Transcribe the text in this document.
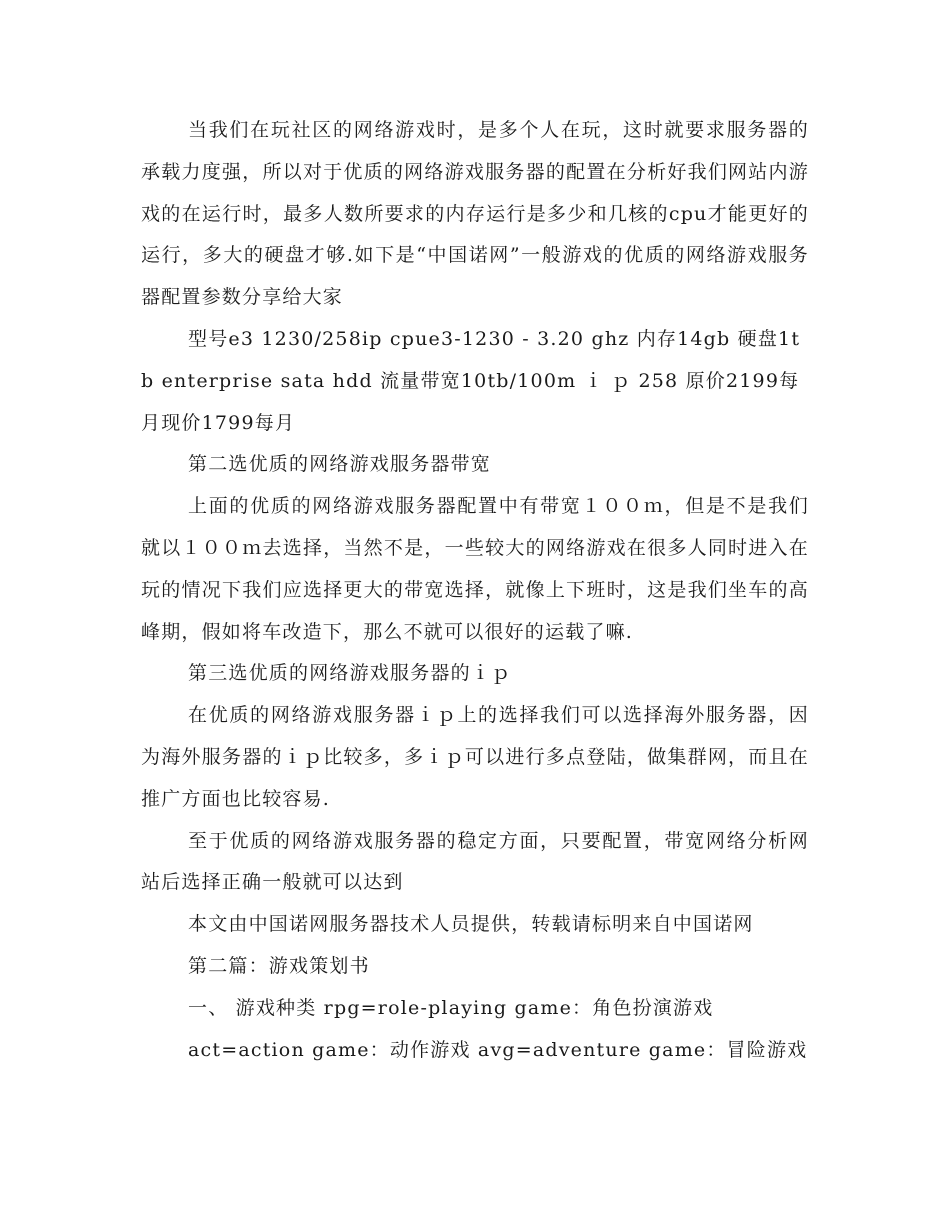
当我们在玩社区的网络游戏时，是多个人在玩，这时就要求服务器的承载力度强，所以对于优质的网络游戏服务器的配置在分析好我们网站内游戏的在运行时，最多人数所要求的内存运行是多少和几核的cpu才能更好的运行，多大的硬盘才够.如下是“中国诺网”一般游戏的优质的网络游戏服务器配置参数分享给大家

型号e3 1230/258ip cpue3-1230 - 3.20 ghz 内存14gb 硬盘1tb enterprise sata hdd 流量带宽10tb/100m ｉ ｐ 258 原价2199每月现价1799每月

第二选优质的网络游戏服务器带宽

上面的优质的网络游戏服务器配置中有带宽１００ｍ，但是不是我们就以１００ｍ去选择，当然不是，一些较大的网络游戏在很多人同时进入在玩的情况下我们应选择更大的带宽选择，就像上下班时，这是我们坐车的高峰期，假如将车改造下，那么不就可以很好的运载了嘛.

第三选优质的网络游戏服务器的ｉｐ

在优质的网络游戏服务器ｉｐ上的选择我们可以选择海外服务器，因为海外服务器的ｉｐ比较多，多ｉｐ可以进行多点登陆，做集群网，而且在推广方面也比较容易.

至于优质的网络游戏服务器的稳定方面，只要配置，带宽网络分析网站后选择正确一般就可以达到

本文由中国诺网服务器技术人员提供，转载请标明来自中国诺网

第二篇：游戏策划书

一、 游戏种类 rpg=role-playing game：角色扮演游戏

act=action game：动作游戏 avg=adventure game：冒险游戏
